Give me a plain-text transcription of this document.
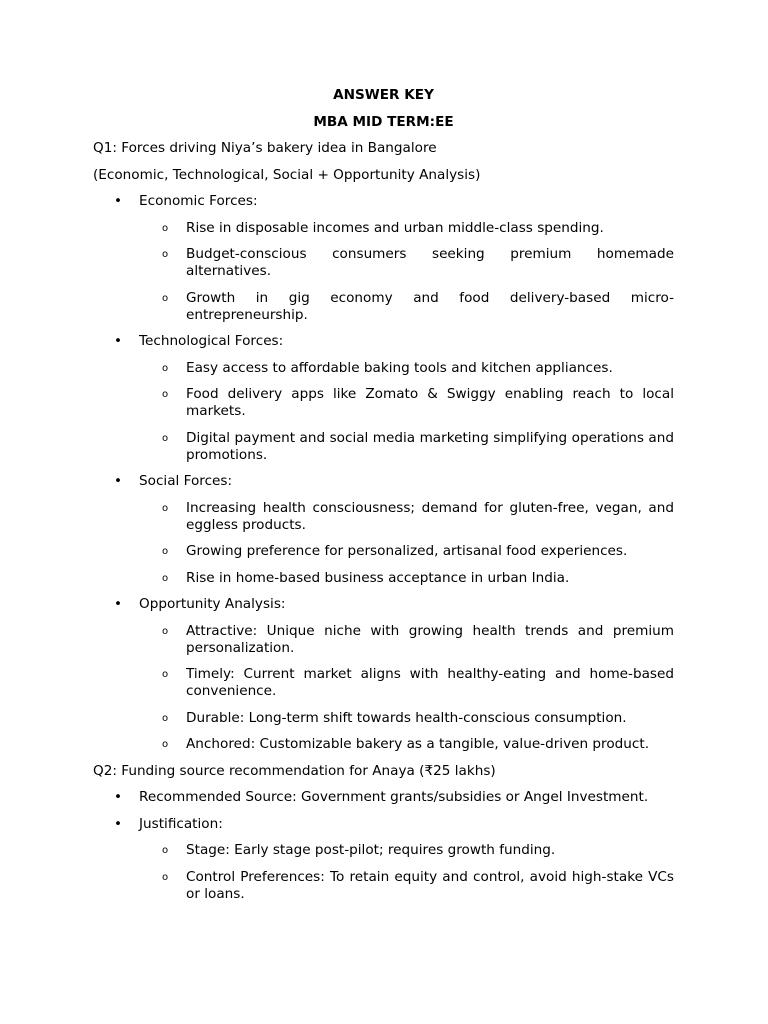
ANSWER KEY

MBA MID TERM:EE

Q1: Forces driving Niya’s bakery idea in Bangalore

(Economic, Technological, Social + Opportunity Analysis)

• Economic Forces:
o Rise in disposable incomes and urban middle-class spending.
o Budget-conscious consumers seeking premium homemade alternatives.
o Growth in gig economy and food delivery-based micro-entrepreneurship.
• Technological Forces:
o Easy access to affordable baking tools and kitchen appliances.
o Food delivery apps like Zomato & Swiggy enabling reach to local markets.
o Digital payment and social media marketing simplifying operations and promotions.
• Social Forces:
o Increasing health consciousness; demand for gluten-free, vegan, and eggless products.
o Growing preference for personalized, artisanal food experiences.
o Rise in home-based business acceptance in urban India.
• Opportunity Analysis:
o Attractive: Unique niche with growing health trends and premium personalization.
o Timely: Current market aligns with healthy-eating and home-based convenience.
o Durable: Long-term shift towards health-conscious consumption.
o Anchored: Customizable bakery as a tangible, value-driven product.

Q2: Funding source recommendation for Anaya (₹25 lakhs)

• Recommended Source: Government grants/subsidies or Angel Investment.
• Justification:
o Stage: Early stage post-pilot; requires growth funding.
o Control Preferences: To retain equity and control, avoid high-stake VCs or loans.
